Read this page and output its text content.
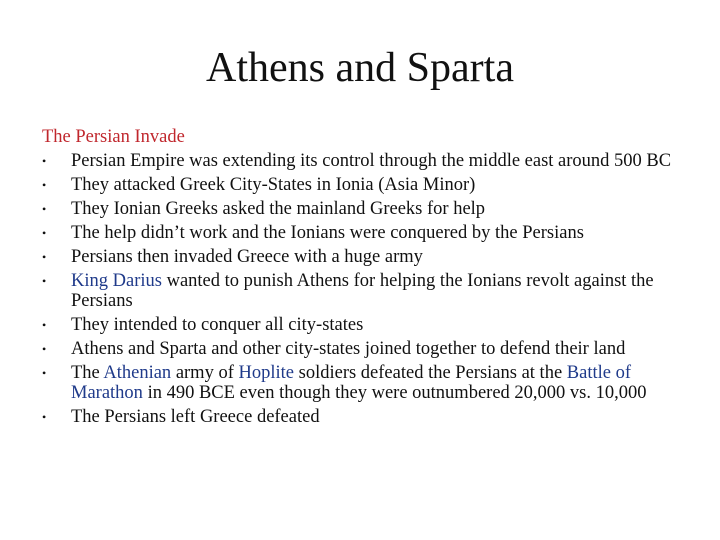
Athens and Sparta
The Persian Invade
•	Persian Empire was extending its control through the middle east around 500 BC
•	They attacked Greek City-States in Ionia (Asia Minor)
•	They Ionian Greeks asked the mainland Greeks for help
•	The help didn’t work and the Ionians were conquered by the Persians
•	Persians then invaded Greece with a huge army
•	King Darius wanted to punish Athens for helping the Ionians revolt against the Persians
•	They intended to conquer all city-states
•	Athens and Sparta and other city-states joined together to defend their land
•	The Athenian army of Hoplite soldiers defeated the Persians at the Battle of Marathon in 490 BCE even though they were outnumbered 20,000 vs. 10,000
•	The Persians left Greece defeated
